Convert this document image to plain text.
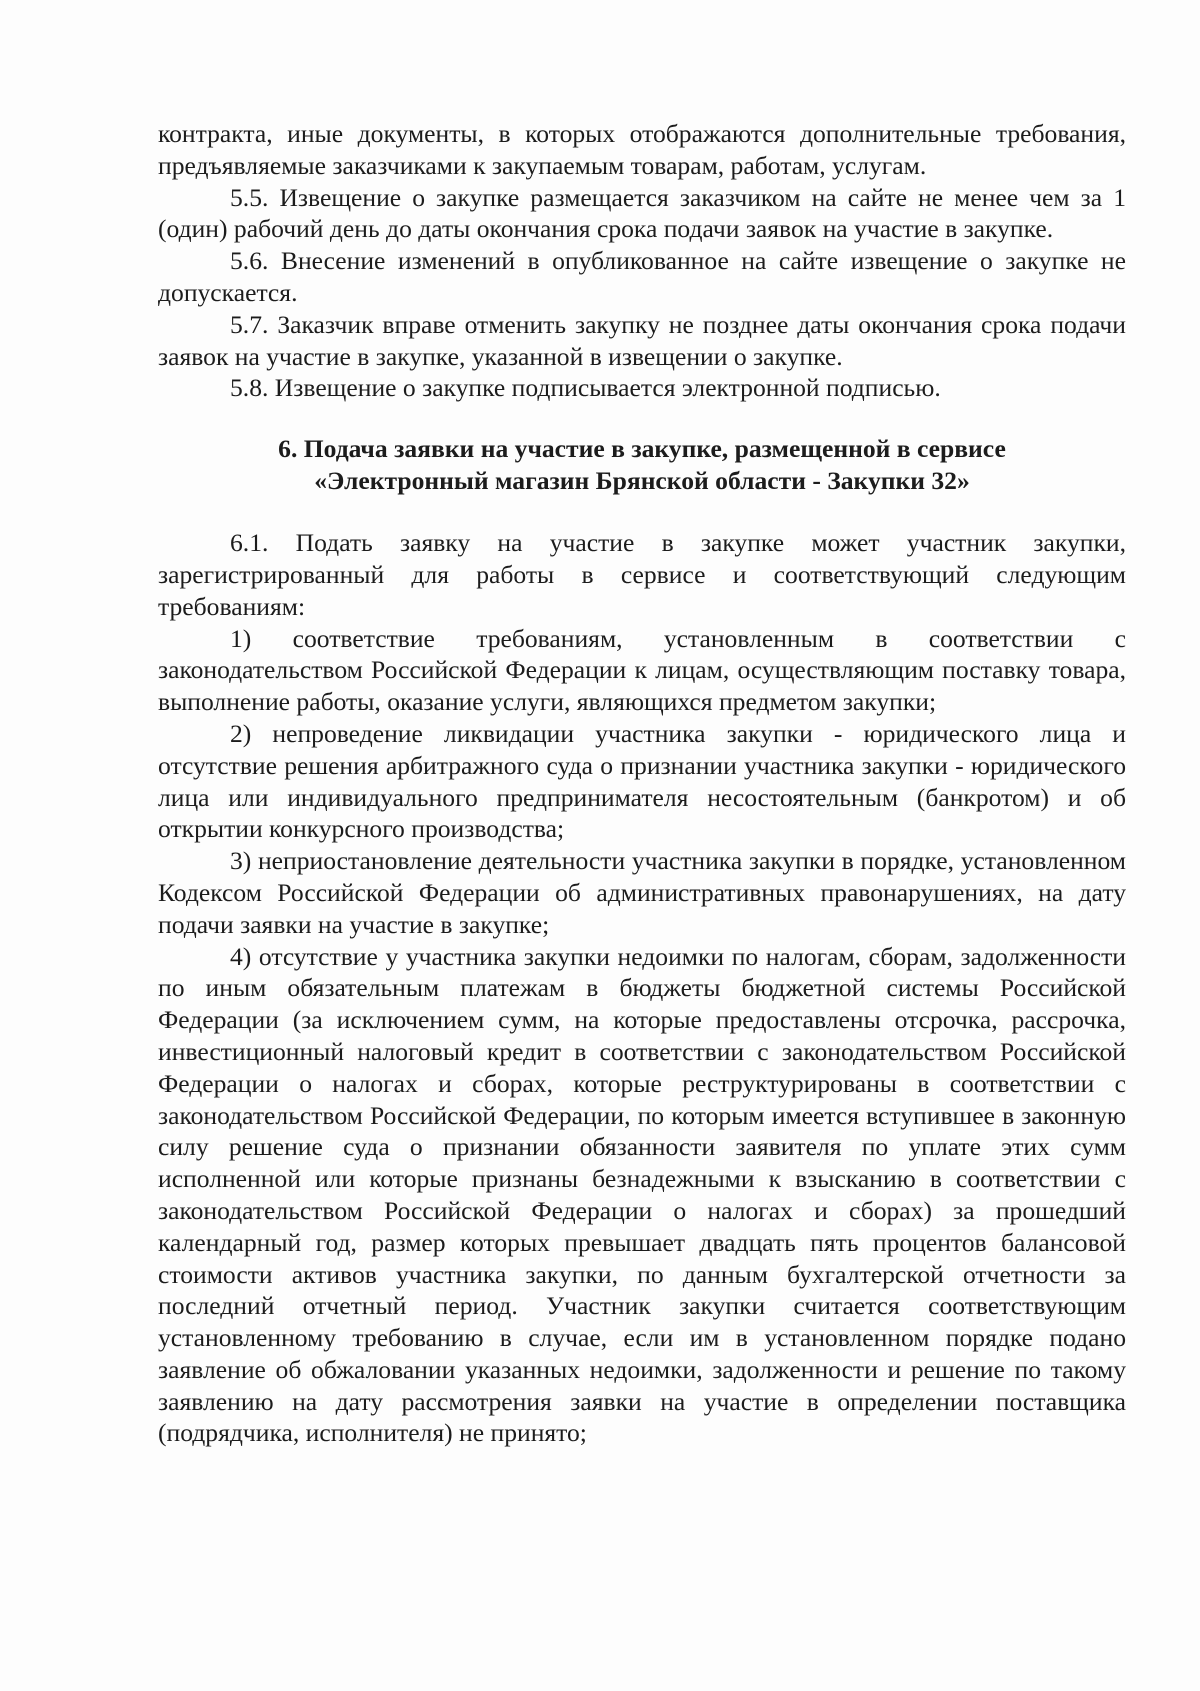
контракта, иные документы, в которых отображаются дополнительные требования, предъявляемые заказчиками к закупаемым товарам, работам, услугам.

5.5. Извещение о закупке размещается заказчиком на сайте не менее чем за 1 (один) рабочий день до даты окончания срока подачи заявок на участие в закупке.

5.6. Внесение изменений в опубликованное на сайте извещение о закупке не допускается.

5.7. Заказчик вправе отменить закупку не позднее даты окончания срока подачи заявок на участие в закупке, указанной в извещении о закупке.

5.8. Извещение о закупке подписывается электронной подписью.

6. Подача заявки на участие в закупке, размещенной в сервисе
«Электронный магазин Брянской области - Закупки 32»

6.1. Подать заявку на участие в закупке может участник закупки, зарегистрированный для работы в сервисе и соответствующий следующим требованиям:

1) соответствие требованиям, установленным в соответствии с законодательством Российской Федерации к лицам, осуществляющим поставку товара, выполнение работы, оказание услуги, являющихся предметом закупки;

2) непроведение ликвидации участника закупки - юридического лица и отсутствие решения арбитражного суда о признании участника закупки - юридического лица или индивидуального предпринимателя несостоятельным (банкротом) и об открытии конкурсного производства;

3) неприостановление деятельности участника закупки в порядке, установленном Кодексом Российской Федерации об административных правонарушениях, на дату подачи заявки на участие в закупке;

4) отсутствие у участника закупки недоимки по налогам, сборам, задолженности по иным обязательным платежам в бюджеты бюджетной системы Российской Федерации (за исключением сумм, на которые предоставлены отсрочка, рассрочка, инвестиционный налоговый кредит в соответствии с законодательством Российской Федерации о налогах и сборах, которые реструктурированы в соответствии с законодательством Российской Федерации, по которым имеется вступившее в законную силу решение суда о признании обязанности заявителя по уплате этих сумм исполненной или которые признаны безнадежными к взысканию в соответствии с законодательством Российской Федерации о налогах и сборах) за прошедший календарный год, размер которых превышает двадцать пять процентов балансовой стоимости активов участника закупки, по данным бухгалтерской отчетности за последний отчетный период. Участник закупки считается соответствующим установленному требованию в случае, если им в установленном порядке подано заявление об обжаловании указанных недоимки, задолженности и решение по такому заявлению на дату рассмотрения заявки на участие в определении поставщика (подрядчика, исполнителя) не принято;
